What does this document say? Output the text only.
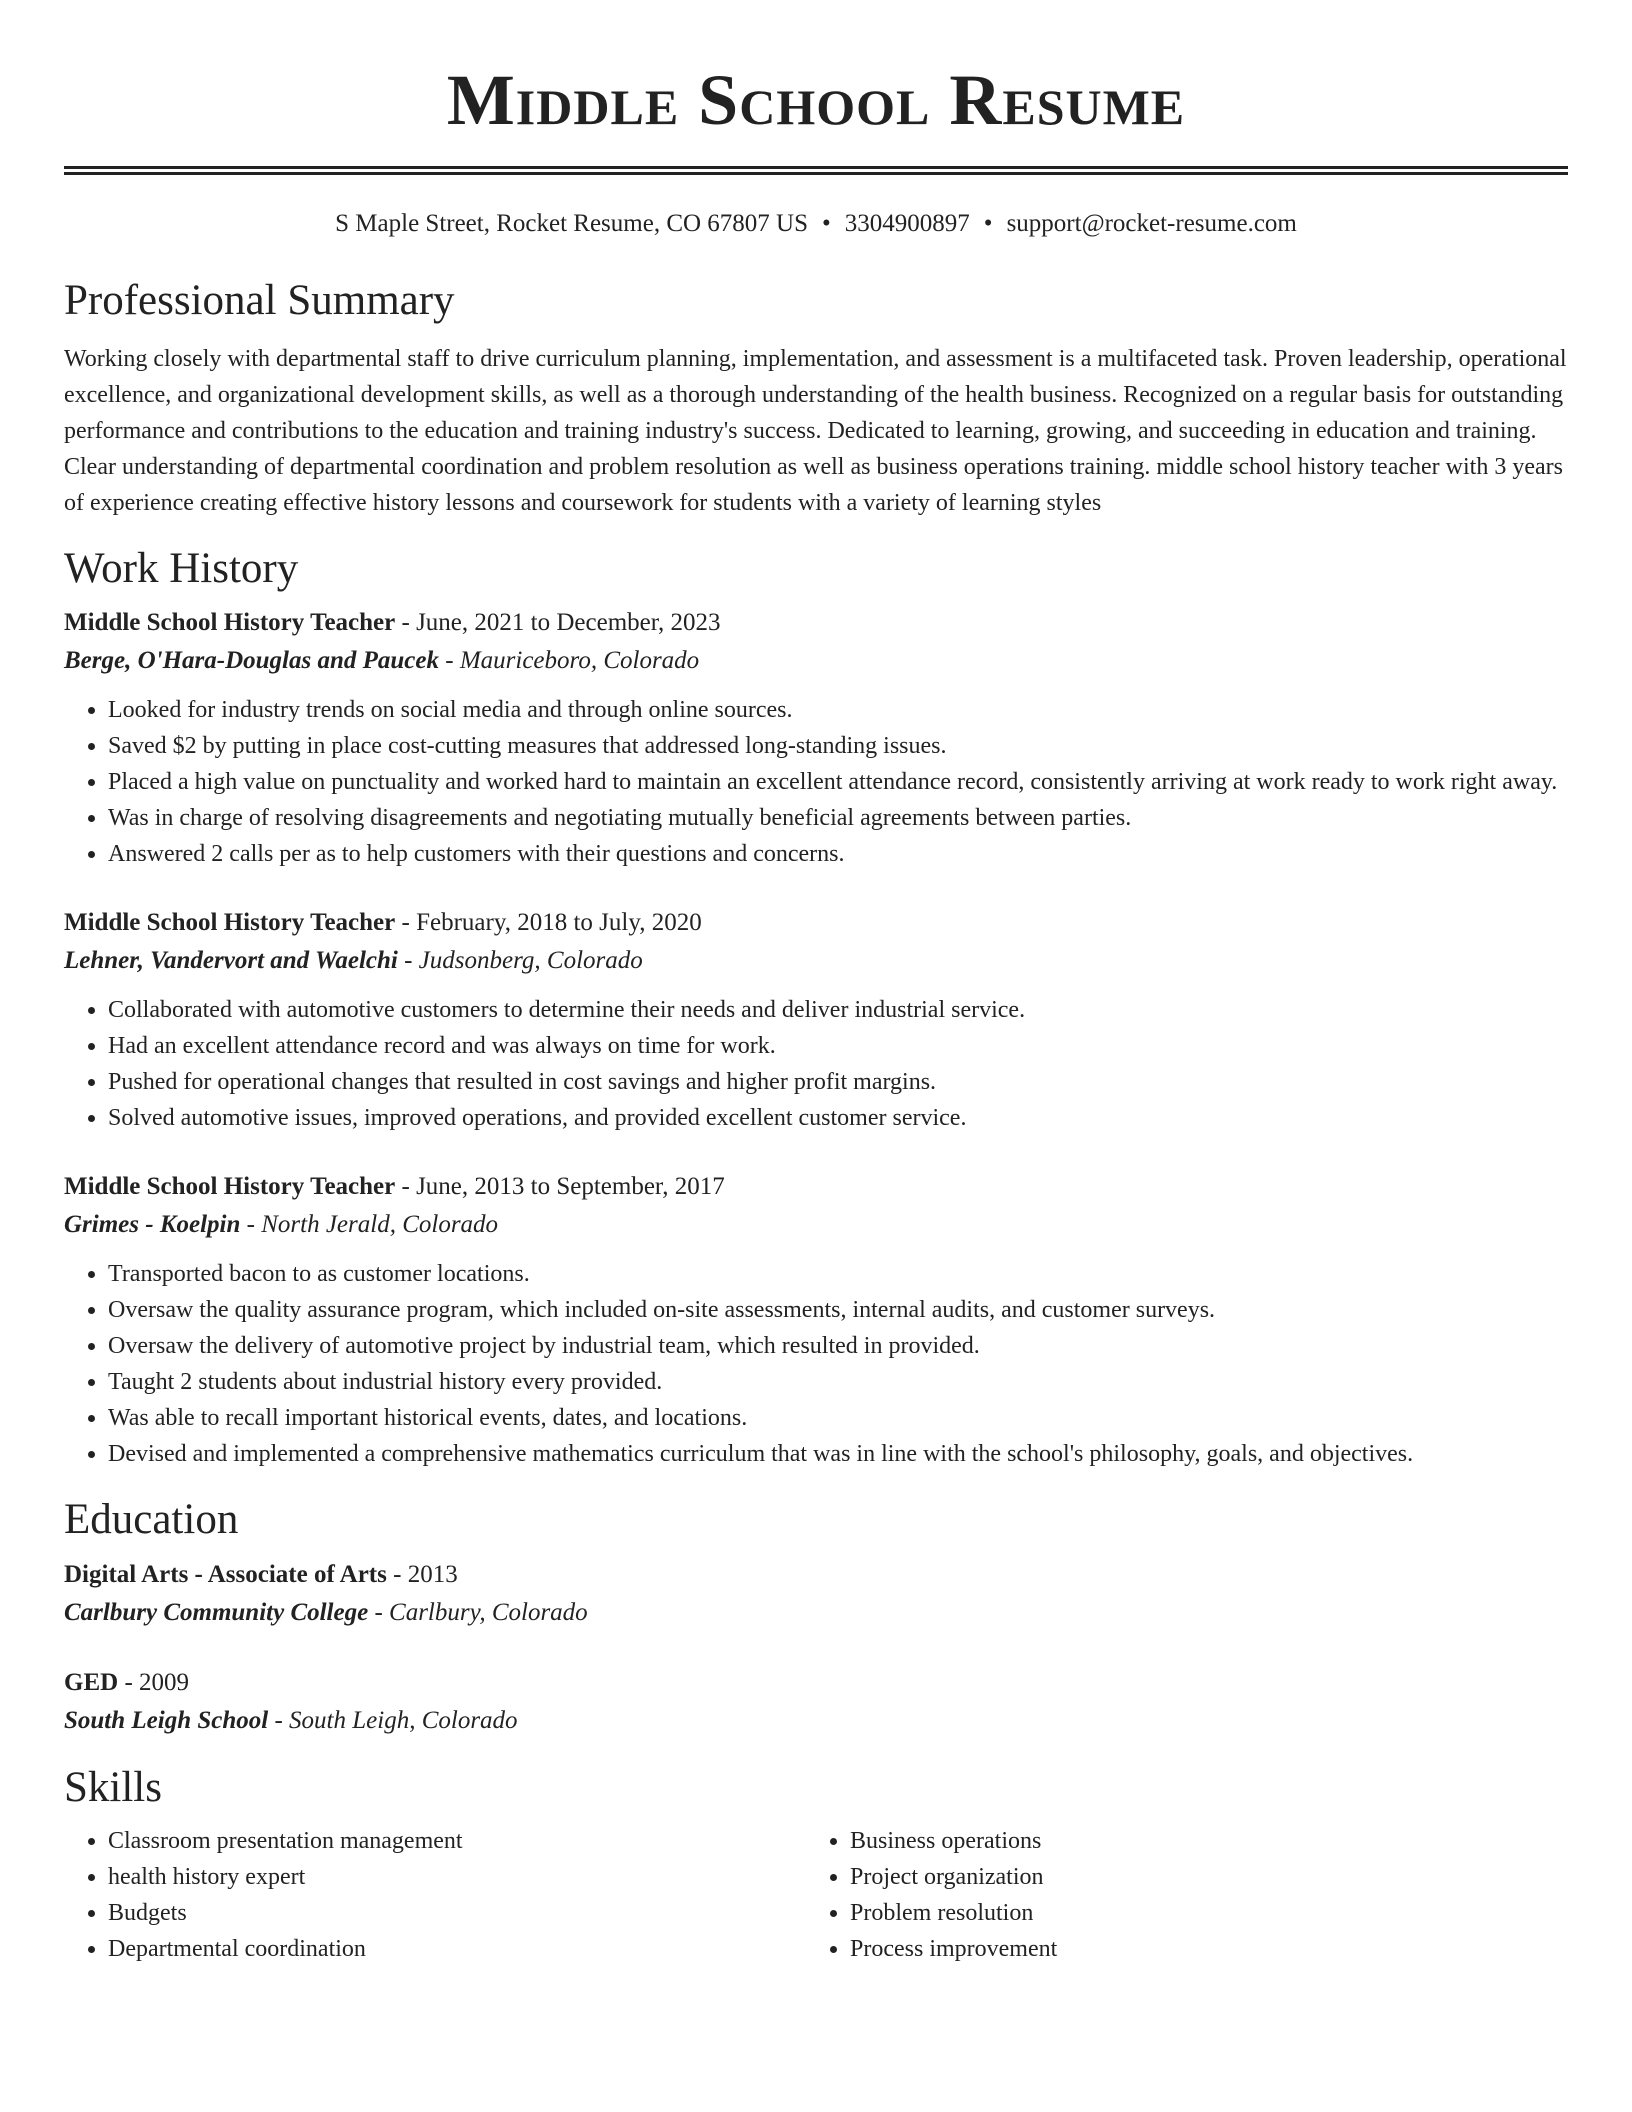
Middle School Resume
S Maple Street, Rocket Resume, CO 67807 US • 3304900897 • support@rocket-resume.com
Professional Summary

Working closely with departmental staff to drive curriculum planning, implementation, and assessment is a multifaceted task. Proven leadership, operational excellence, and organizational development skills, as well as a thorough understanding of the health business. Recognized on a regular basis for outstanding performance and contributions to the education and training industry's success. Dedicated to learning, growing, and succeeding in education and training. Clear understanding of departmental coordination and problem resolution as well as business operations training. middle school history teacher with 3 years of experience creating effective history lessons and coursework for students with a variety of learning styles

Work History

Middle School History Teacher - June, 2021 to December, 2023

Berge, O'Hara-Douglas and Paucek - Mauriceboro, Colorado

• Looked for industry trends on social media and through online sources.
• Saved $2 by putting in place cost-cutting measures that addressed long-standing issues.
• Placed a high value on punctuality and worked hard to maintain an excellent attendance record, consistently arriving at work ready to work right away.
• Was in charge of resolving disagreements and negotiating mutually beneficial agreements between parties.
• Answered 2 calls per as to help customers with their questions and concerns.

Middle School History Teacher - February, 2018 to July, 2020

Lehner, Vandervort and Waelchi - Judsonberg, Colorado

• Collaborated with automotive customers to determine their needs and deliver industrial service.
• Had an excellent attendance record and was always on time for work.
• Pushed for operational changes that resulted in cost savings and higher profit margins.
• Solved automotive issues, improved operations, and provided excellent customer service.

Middle School History Teacher - June, 2013 to September, 2017

Grimes - Koelpin - North Jerald, Colorado

• Transported bacon to as customer locations.
• Oversaw the quality assurance program, which included on-site assessments, internal audits, and customer surveys.
• Oversaw the delivery of automotive project by industrial team, which resulted in provided.
• Taught 2 students about industrial history every provided.
• Was able to recall important historical events, dates, and locations.
• Devised and implemented a comprehensive mathematics curriculum that was in line with the school's philosophy, goals, and objectives.
Education

Digital Arts - Associate of Arts - 2013

Carlbury Community College - Carlbury, Colorado

GED - 2009

South Leigh School - South Leigh, Colorado

Skills
• Classroom presentation management
• health history expert
• Budgets
• Departmental coordination
• Business operations
• Project organization
• Problem resolution
• Process improvement
